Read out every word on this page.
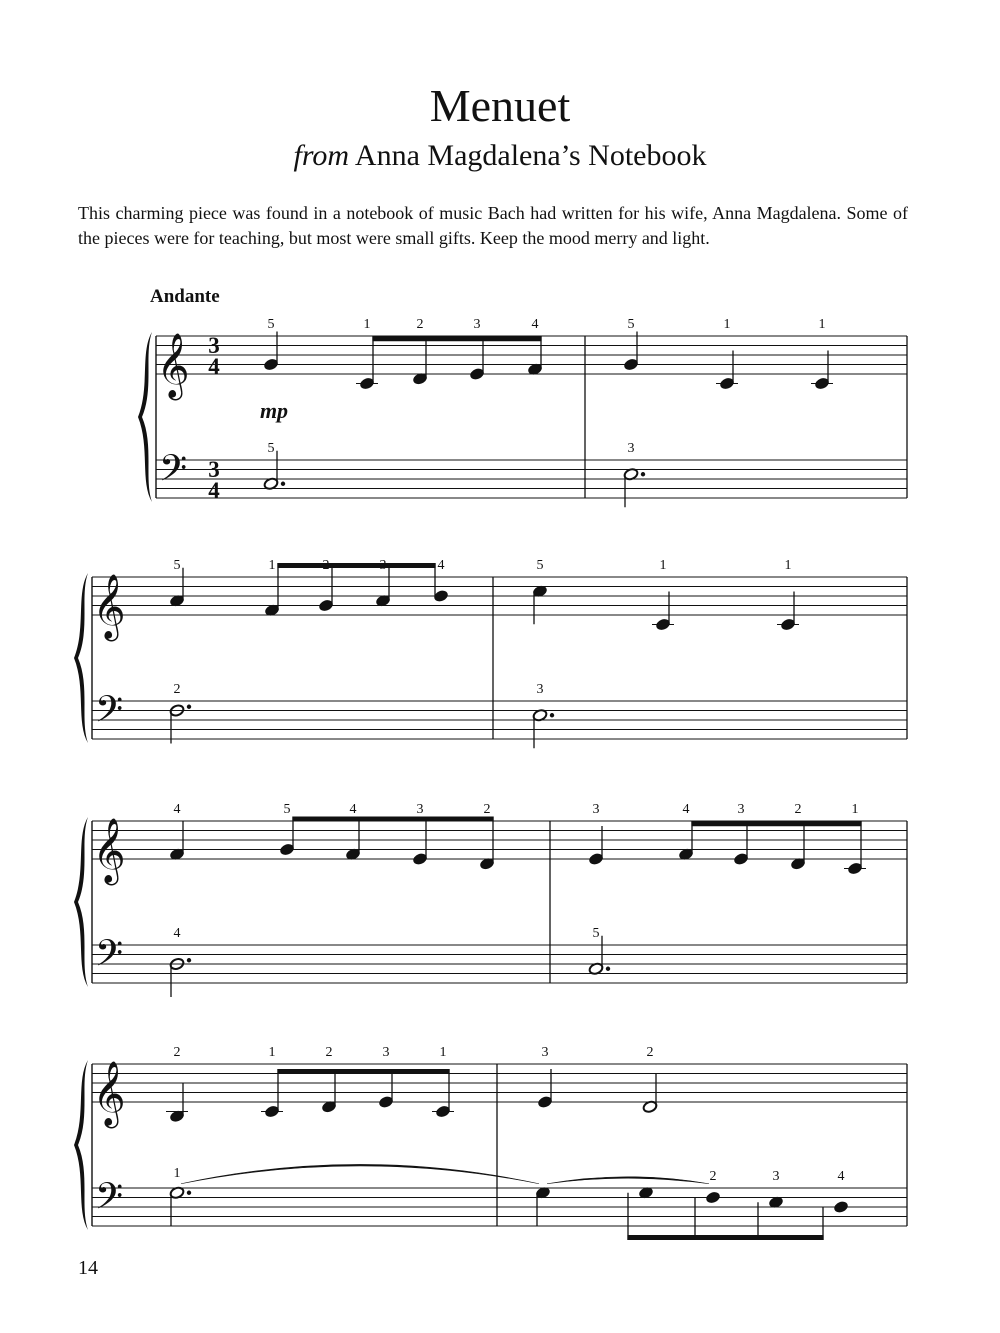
Menuet
from Anna Magdalena’s Notebook

This charming piece was found in a notebook of music Bach had written for his wife, Anna Magdalena. Some of the pieces were for teaching, but most were small gifts. Keep the mood merry and light.

𝄞
𝄢
3
4
3
4
Andante
mp
5	1	2	3	4
5
5	1	1
3
𝄞
𝄢
5	1	4
2
5	1	1
3
𝄞
𝄢
4	5	4	3	2
4
3	4	3	2	1
5
𝄞
𝄢
2	1	2	3	1
1
3	2
2	3	4
14
